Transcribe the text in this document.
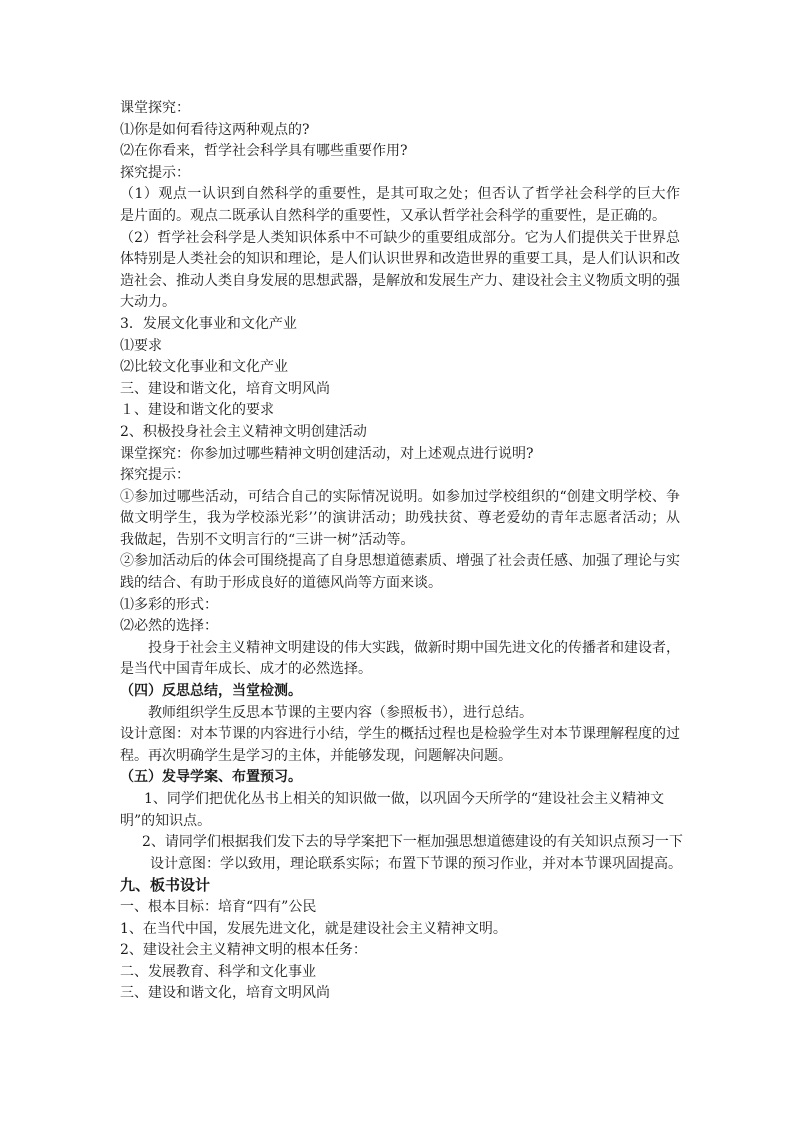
课堂探究：
⑴你是如何看待这两种观点的?
⑵在你看来，哲学社会科学具有哪些重要作用?
探究提示：
（1）观点一认识到自然科学的重要性，是其可取之处；但否认了哲学社会科学的巨大作
是片面的。观点二既承认自然科学的重要性，又承认哲学社会科学的重要性，是正确的。
（2）哲学社会科学是人类知识体系中不可缺少的重要组成部分。它为人们提供关于世界总
体特别是人类社会的知识和理论，是人们认识世界和改造世界的重要工具，是人们认识和改
造社会、推动人类自身发展的思想武器，是解放和发展生产力、建设社会主义物质文明的强
大动力。
3．发展文化事业和文化产业
⑴要求
⑵比较文化事业和文化产业
三、建设和谐文化，培育文明风尚
１、建设和谐文化的要求
2、积极投身社会主义精神文明创建活动
课堂探究：你参加过哪些精神文明创建活动，对上述观点进行说明?
探究提示：
①参加过哪些活动，可结合自己的实际情况说明。如参加过学校组织的“创建文明学校、争
做文明学生，我为学校添光彩’’的演讲活动；助残扶贫、尊老爱幼的青年志愿者活动；从
我做起，告别不文明言行的“三讲一树”活动等。
②参加活动后的体会可围绕提高了自身思想道德素质、增强了社会责任感、加强了理论与实
践的结合、有助于形成良好的道德风尚等方面来谈。
⑴多彩的形式：
⑵必然的选择：
投身于社会主义精神文明建设的伟大实践，做新时期中国先进文化的传播者和建设者，
是当代中国青年成长、成才的必然选择。
（四）反思总结，当堂检测。
教师组织学生反思本节课的主要内容（参照板书），进行总结。
设计意图：对本节课的内容进行小结，学生的概括过程也是检验学生对本节课理解程度的过
程。再次明确学生是学习的主体，并能够发现，问题解决问题。
（五）发导学案、布置预习。
1、同学们把优化丛书上相关的知识做一做，以巩固今天所学的“建设社会主义精神文
明”的知识点。
2、请同学们根据我们发下去的导学案把下一框加强思想道德建设的有关知识点预习一下
设计意图：学以致用，理论联系实际；布置下节课的预习作业，并对本节课巩固提高。
九、板书设计
一、根本目标：培育“四有”公民
1、在当代中国，发展先进文化，就是建设社会主义精神文明。
2、建设社会主义精神文明的根本任务：
二、发展教育、科学和文化事业
三、建设和谐文化，培育文明风尚
